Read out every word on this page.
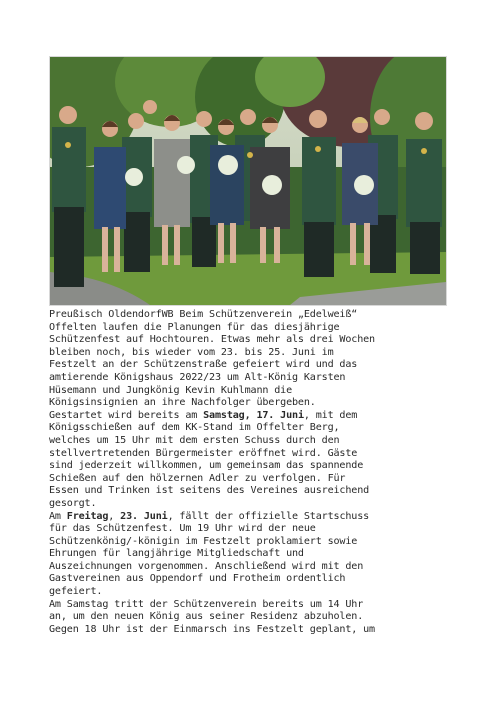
Preußisch OldendorfWB Beim Schützenverein „Edelweiß“
Offelten laufen die Planungen für das diesjährige
Schützenfest auf Hochtouren. Etwas mehr als drei Wochen
bleiben noch, bis wieder vom 23. bis 25. Juni im
Festzelt an der Schützenstraße gefeiert wird und das
amtierende Königshaus 2022/23 um Alt-König Karsten
Hüsemann und Jungkönig Kevin Kuhlmann die
Königsinsignien an ihre Nachfolger übergeben.
Gestartet wird bereits am Samstag, 17. Juni, mit dem
Königsschießen auf dem KK-Stand im Offelter Berg,
welches um 15 Uhr mit dem ersten Schuss durch den
stellvertretenden Bürgermeister eröffnet wird. Gäste
sind jederzeit willkommen, um gemeinsam das spannende
Schießen auf den hölzernen Adler zu verfolgen. Für
Essen und Trinken ist seitens des Vereines ausreichend
gesorgt.
Am Freitag, 23. Juni, fällt der offizielle Startschuss
für das Schützenfest. Um 19 Uhr wird der neue
Schützenkönig/-königin im Festzelt proklamiert sowie
Ehrungen für langjährige Mitgliedschaft und
Auszeichnungen vorgenommen. Anschließend wird mit den
Gastvereinen aus Oppendorf und Frotheim ordentlich
gefeiert.
Am Samstag tritt der Schützenverein bereits um 14 Uhr
an, um den neuen König aus seiner Residenz abzuholen.
Gegen 18 Uhr ist der Einmarsch ins Festzelt geplant, um
